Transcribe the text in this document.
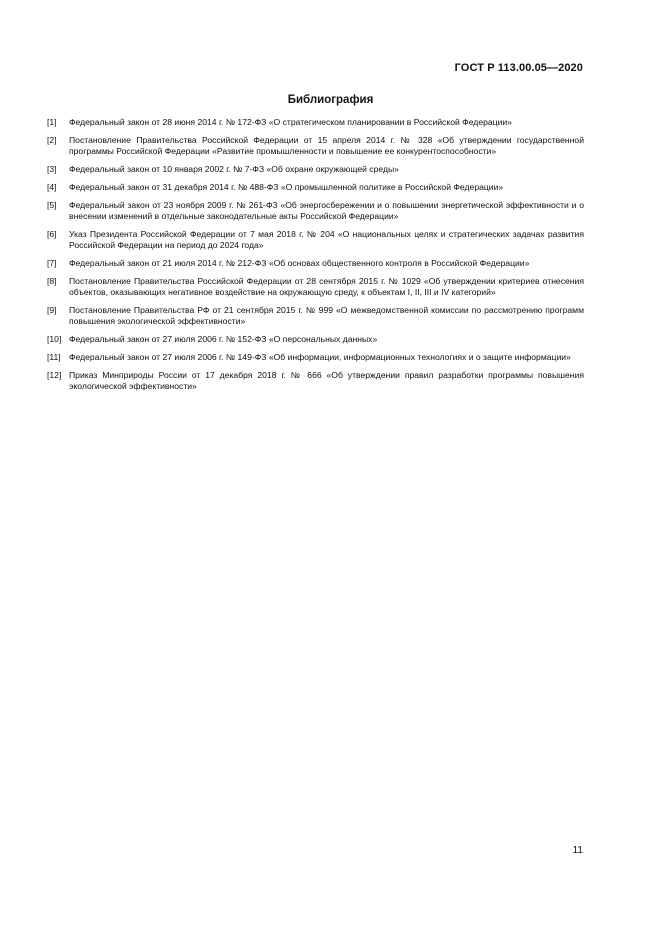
ГОСТ Р 113.00.05—2020
Библиография
[1]	Федеральный закон от 28 июня 2014 г. № 172-ФЗ «О стратегическом планировании в Российской Федерации»
[2]	Постановление Правительства Российской Федерации от 15 апреля 2014 г. № 328 «Об утверждении государственной программы Российской Федерации «Развитие промышленности и повышение ее конкурентоспособности»
[3]	Федеральный закон от 10 января 2002 г. № 7-ФЗ «Об охране окружающей среды»
[4]	Федеральный закон от 31 декабря 2014 г. № 488-ФЗ «О промышленной политике в Российской Федерации»
[5]	Федеральный закон от 23 ноября 2009 г. № 261-ФЗ «Об энергосбережении и о повышении энергетической эффективности и о внесении изменений в отдельные законодательные акты Российской Федерации»
[6]	Указ Президента Российской Федерации от 7 мая 2018 г. № 204 «О национальных целях и стратегических задачах развития Российской Федерации на период до 2024 года»
[7]	Федеральный закон от 21 июля 2014 г. № 212-ФЗ «Об основах общественного контроля в Российской Федерации»
[8]	Постановление Правительства Российской Федерации от 28 сентября 2015 г. № 1029 «Об утверждении критериев отнесения объектов, оказывающих негативное воздействие на окружающую среду, к объектам I, II, III и IV категорий»
[9]	Постановление Правительства РФ от 21 сентября 2015 г. № 999 «О межведомственной комиссии по рассмотрению программ повышения экологической эффективности»
[10] Федеральный закон от 27 июля 2006 г. № 152-ФЗ «О персональных данных»
[11] Федеральный закон от 27 июля 2006 г. № 149-ФЗ «Об информации, информационных технологиях и о защите информации»
[12] Приказ Минприроды России от 17 декабря 2018 г. № 666 «Об утверждении правил разработки программы повышения экологической эффективности»
11
